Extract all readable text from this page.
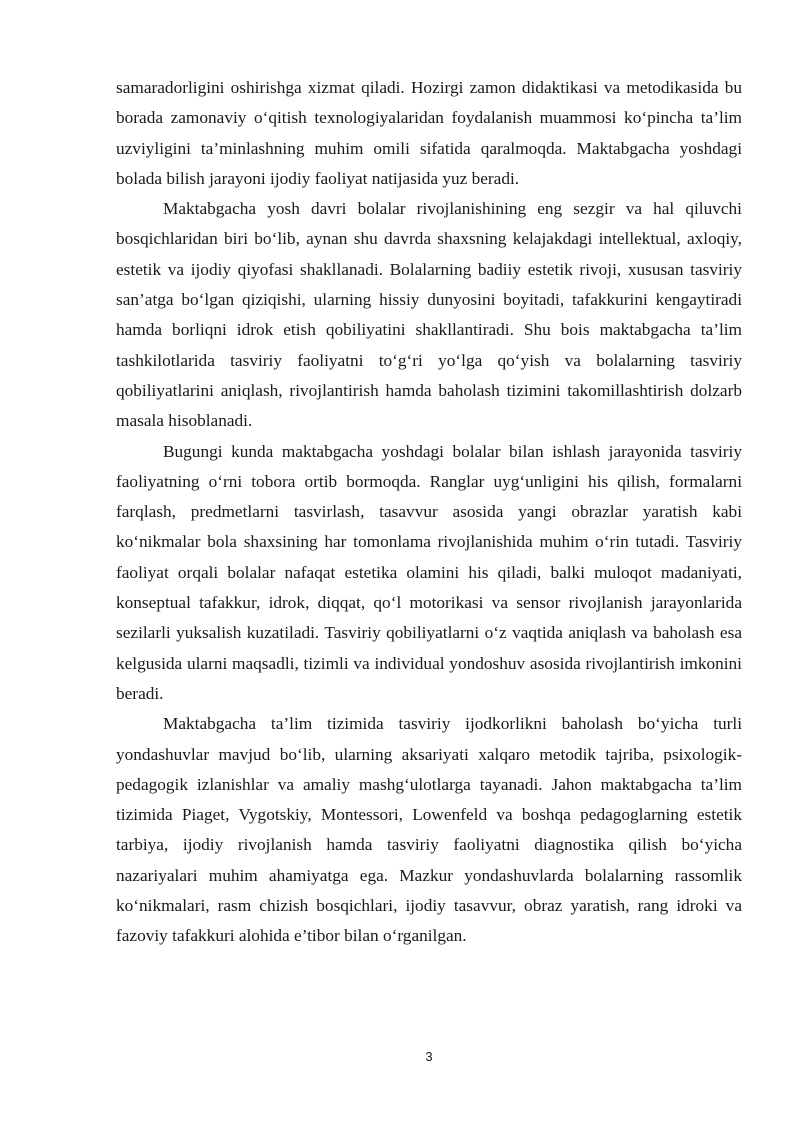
samaradorligini oshirishga xizmat qiladi. Hozirgi zamon didaktikasi va metodikasida bu borada zamonaviy o‘qitish texnologiyalaridan foydalanish muammosi ko‘pincha ta’lim uzviyligini ta’minlashning muhim omili sifatida qaralmoqda. Maktabgacha yoshdagi bolada bilish jarayoni ijodiy faoliyat natijasida yuz beradi.

Maktabgacha yosh davri bolalar rivojlanishining eng sezgir va hal qiluvchi bosqichlaridan biri bo‘lib, aynan shu davrda shaxsning kelajakdagi intellektual, axloqiy, estetik va ijodiy qiyofasi shakllanadi. Bolalarning badiiy estetik rivoji, xususan tasviriy san’atga bo‘lgan qiziqishi, ularning hissiy dunyosini boyitadi, tafakkurini kengaytiradi hamda borliqni idrok etish qobiliyatini shakllantiradi. Shu bois maktabgacha ta’lim tashkilotlarida tasviriy faoliyatni to‘g‘ri yo‘lga qo‘yish va bolalarning tasviriy qobiliyatlarini aniqlash, rivojlantirish hamda baholash tizimini takomillashtirish dolzarb masala hisoblanadi.

Bugungi kunda maktabgacha yoshdagi bolalar bilan ishlash jarayonida tasviriy faoliyatning o‘rni tobora ortib bormoqda. Ranglar uyg‘unligini his qilish, formalarni farqlash, predmetlarni tasvirlash, tasavvur asosida yangi obrazlar yaratish kabi ko‘nikmalar bola shaxsining har tomonlama rivojlanishida muhim o‘rin tutadi. Tasviriy faoliyat orqali bolalar nafaqat estetika olamini his qiladi, balki muloqot madaniyati, konseptual tafakkur, idrok, diqqat, qo‘l motorikasi va sensor rivojlanish jarayonlarida sezilarli yuksalish kuzatiladi. Tasviriy qobiliyatlarni o‘z vaqtida aniqlash va baholash esa kelgusida ularni maqsadli, tizimli va individual yondoshuv asosida rivojlantirish imkonini beradi.

Maktabgacha ta’lim tizimida tasviriy ijodkorlikni baholash bo‘yicha turli yondashuvlar mavjud bo‘lib, ularning aksariyati xalqaro metodik tajriba, psixologik-pedagogik izlanishlar va amaliy mashg‘ulotlarga tayanadi. Jahon maktabgacha ta’lim tizimida Piaget, Vygotskiy, Montessori, Lowenfeld va boshqa pedagoglarning estetik tarbiya, ijodiy rivojlanish hamda tasviriy faoliyatni diagnostika qilish bo‘yicha nazariyalari muhim ahamiyatga ega. Mazkur yondashuvlarda bolalarning rassomlik ko‘nikmalari, rasm chizish bosqichlari, ijodiy tasavvur, obraz yaratish, rang idroki va fazoviy tafakkuri alohida e’tibor bilan o‘rganilgan.

3
